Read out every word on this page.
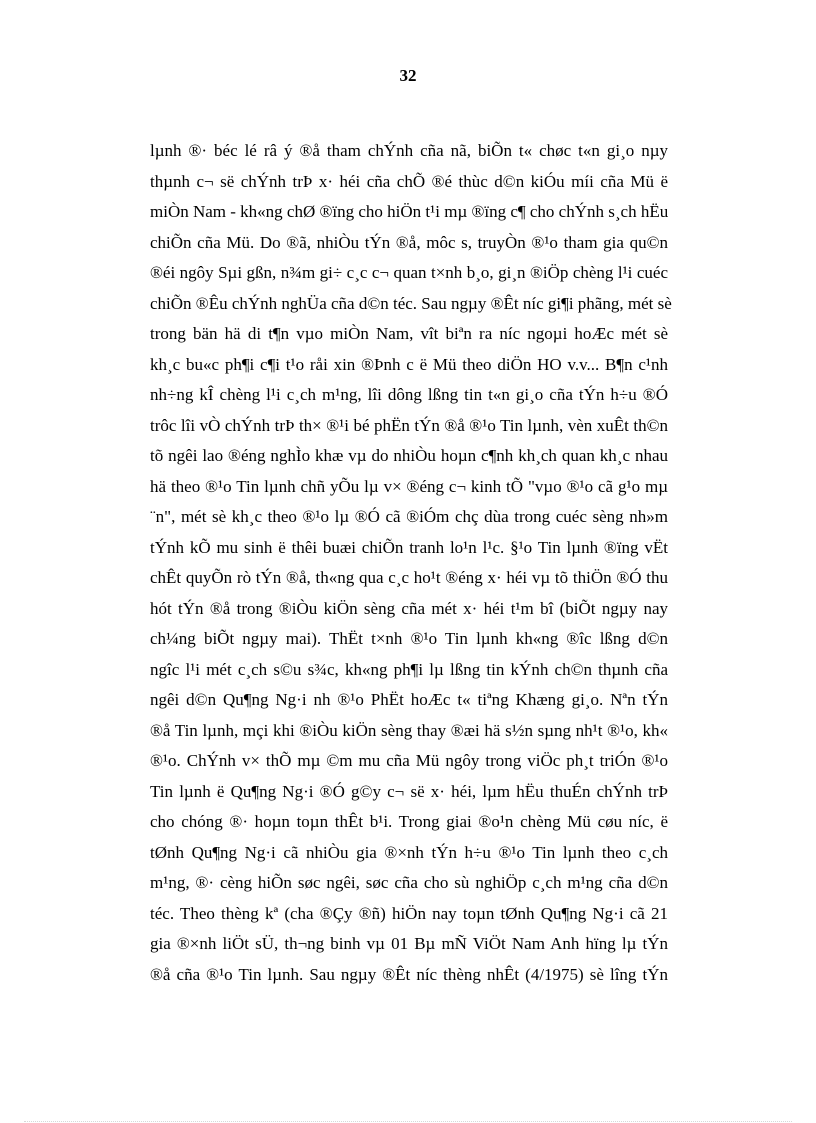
32
lµnh ®· béc lé râ ý ®å tham chÝnh cña nã, biÕn t« chøc t«n gi¸o nµy
thµnh c¬ së chÝnh trÞ x· héi cña chÕ ®é thùc d©n kiÓu míi cña Mü ë
miÒn Nam - kh«ng chØ ®ïng cho hiÖn t¹i mµ ®ïng c¶ cho chÝnh s¸ch hËu
chiÕn cña Mü. Do ®ã, nhiÒu tÝn ®å, môc s, truyÒn ®¹o tham gia qu©n
®éi ngôy Sµi gßn, n¾m gi÷ c¸c c¬ quan t×nh b¸o, gi¸n ®iÖp chèng l¹i cuéc
chiÕn ®Êu chÝnh nghÜa cña d©n téc. Sau ngµy ®Êt níc gi¶i phãng, mét sè
trong bän hä di t¶n vµo miÒn Nam, vît biªn ra níc ngoµi hoÆc mét sè
kh¸c bu«c ph¶i c¶i t¹o råi xin ®Þnh c ë Mü theo diÖn HO v.v... B¶n c¹nh
nh÷ng kÎ chèng l¹i c¸ch m¹ng, lîi dông lßng tin t«n gi¸o cña tÝn h÷u ®Ó
trôc lîi vÒ chÝnh trÞ th× ®¹i bé phËn tÝn ®å ®¹o Tin lµnh, vèn xuÊt th©n
tõ ngêi lao ®éng nghÌo khæ vµ do nhiÒu hoµn c¶nh kh¸ch quan kh¸c nhau
hä theo ®¹o Tin lµnh chñ yÕu lµ v× ®éng c¬ kinh tÕ "vµo ®¹o cã g¹o mµ
¨n", mét sè kh¸c theo ®¹o lµ ®Ó cã ®iÓm chç dùa trong cuéc sèng nh»m
tÝnh kÕ mu sinh ë thêi buæi chiÕn tranh lo¹n l¹c. §¹o Tin lµnh ®ïng vËt
chÊt quyÕn rò tÝn ®å, th«ng qua c¸c ho¹t ®éng x· héi vµ tõ thiÖn ®Ó thu
hót tÝn ®å trong ®iÒu kiÖn sèng cña mét x· héi t¹m bî (biÕt ngµy nay
ch¼ng biÕt ngµy mai). ThËt t×nh ®¹o Tin lµnh kh«ng ®îc lßng d©n
ngîc l¹i mét c¸ch s©u s¾c, kh«ng ph¶i lµ lßng tin kÝnh ch©n thµnh cña
ngêi d©n Qu¶ng Ng·i nh ®¹o PhËt hoÆc t« tiªng Khæng gi¸o. Nªn tÝn
®å Tin lµnh, mçi khi ®iÒu kiÖn sèng thay ®æi hä s½n sµng nh¹t ®¹o, kh«
®¹o. ChÝnh v× thÕ mµ ©m mu cña Mü ngôy trong viÖc ph¸t triÓn ®¹o
Tin lµnh ë Qu¶ng Ng·i ®Ó g©y c¬ së x· héi, lµm hËu thuÉn chÝnh trÞ
cho chóng ®· hoµn toµn thÊt b¹i. Trong giai ®o¹n chèng Mü cøu níc, ë
tØnh Qu¶ng Ng·i cã nhiÒu gia ®×nh tÝn h÷u ®¹o Tin lµnh theo c¸ch
m¹ng, ®· cèng hiÕn søc ngêi, søc cña cho sù nghiÖp c¸ch m¹ng cña d©n
téc. Theo thèng kª (cha ®Çy ®ñ) hiÖn nay toµn tØnh Qu¶ng Ng·i cã 21
gia ®×nh liÖt sÜ, th¬ng binh vµ 01 Bµ mÑ ViÖt Nam Anh hïng lµ tÝn
®å cña ®¹o Tin lµnh. Sau ngµy ®Êt níc thèng nhÊt (4/1975) sè lîng tÝn
